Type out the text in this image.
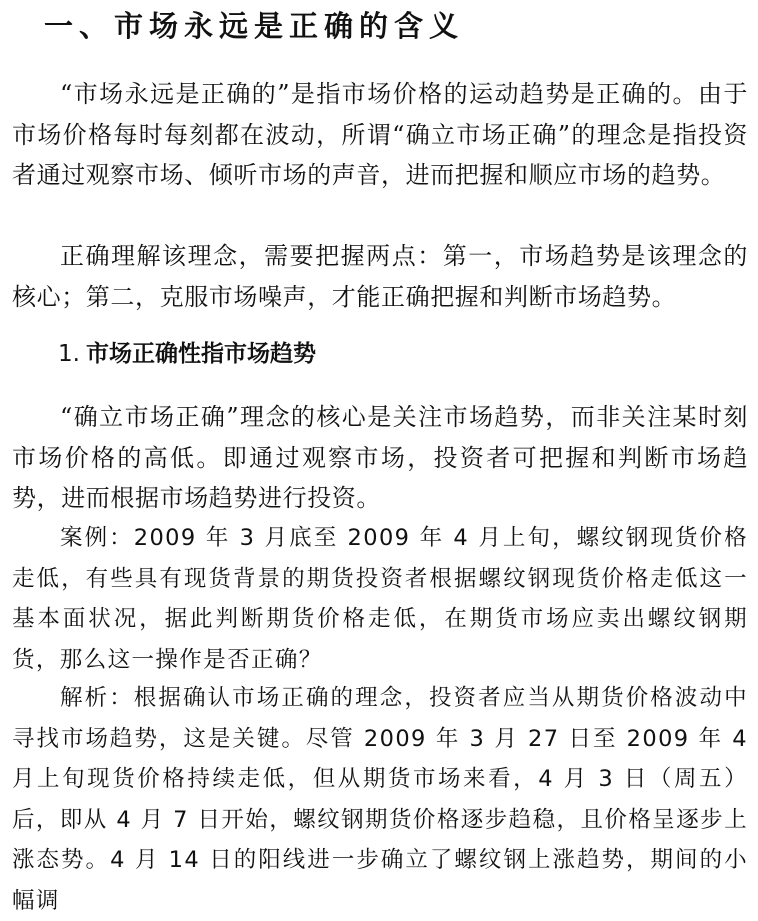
一、市场永远是正确的含义

“市场永远是正确的”是指市场价格的运动趋势是正确的。由于市场价格每时每刻都在波动，所谓“确立市场正确”的理念是指投资者通过观察市场、倾听市场的声音，进而把握和顺应市场的趋势。

正确理解该理念，需要把握两点：第一，市场趋势是该理念的核心；第二，克服市场噪声，才能正确把握和判断市场趋势。

1. 市场正确性指市场趋势

“确立市场正确”理念的核心是关注市场趋势，而非关注某时刻市场价格的高低。即通过观察市场，投资者可把握和判断市场趋势，进而根据市场趋势进行投资。

案例：2009 年 3 月底至 2009 年 4 月上旬，螺纹钢现货价格走低，有些具有现货背景的期货投资者根据螺纹钢现货价格走低这一基本面状况，据此判断期货价格走低，在期货市场应卖出螺纹钢期货，那么这一操作是否正确？

解析：根据确认市场正确的理念，投资者应当从期货价格波动中寻找市场趋势，这是关键。尽管 2009 年 3 月 27 日至 2009 年 4 月上旬现货价格持续走低，但从期货市场来看，4 月 3 日（周五）后，即从 4 月 7 日开始，螺纹钢期货价格逐步趋稳，且价格呈逐步上涨态势。4 月 14 日的阳线进一步确立了螺纹钢上涨趋势，期间的小幅调
